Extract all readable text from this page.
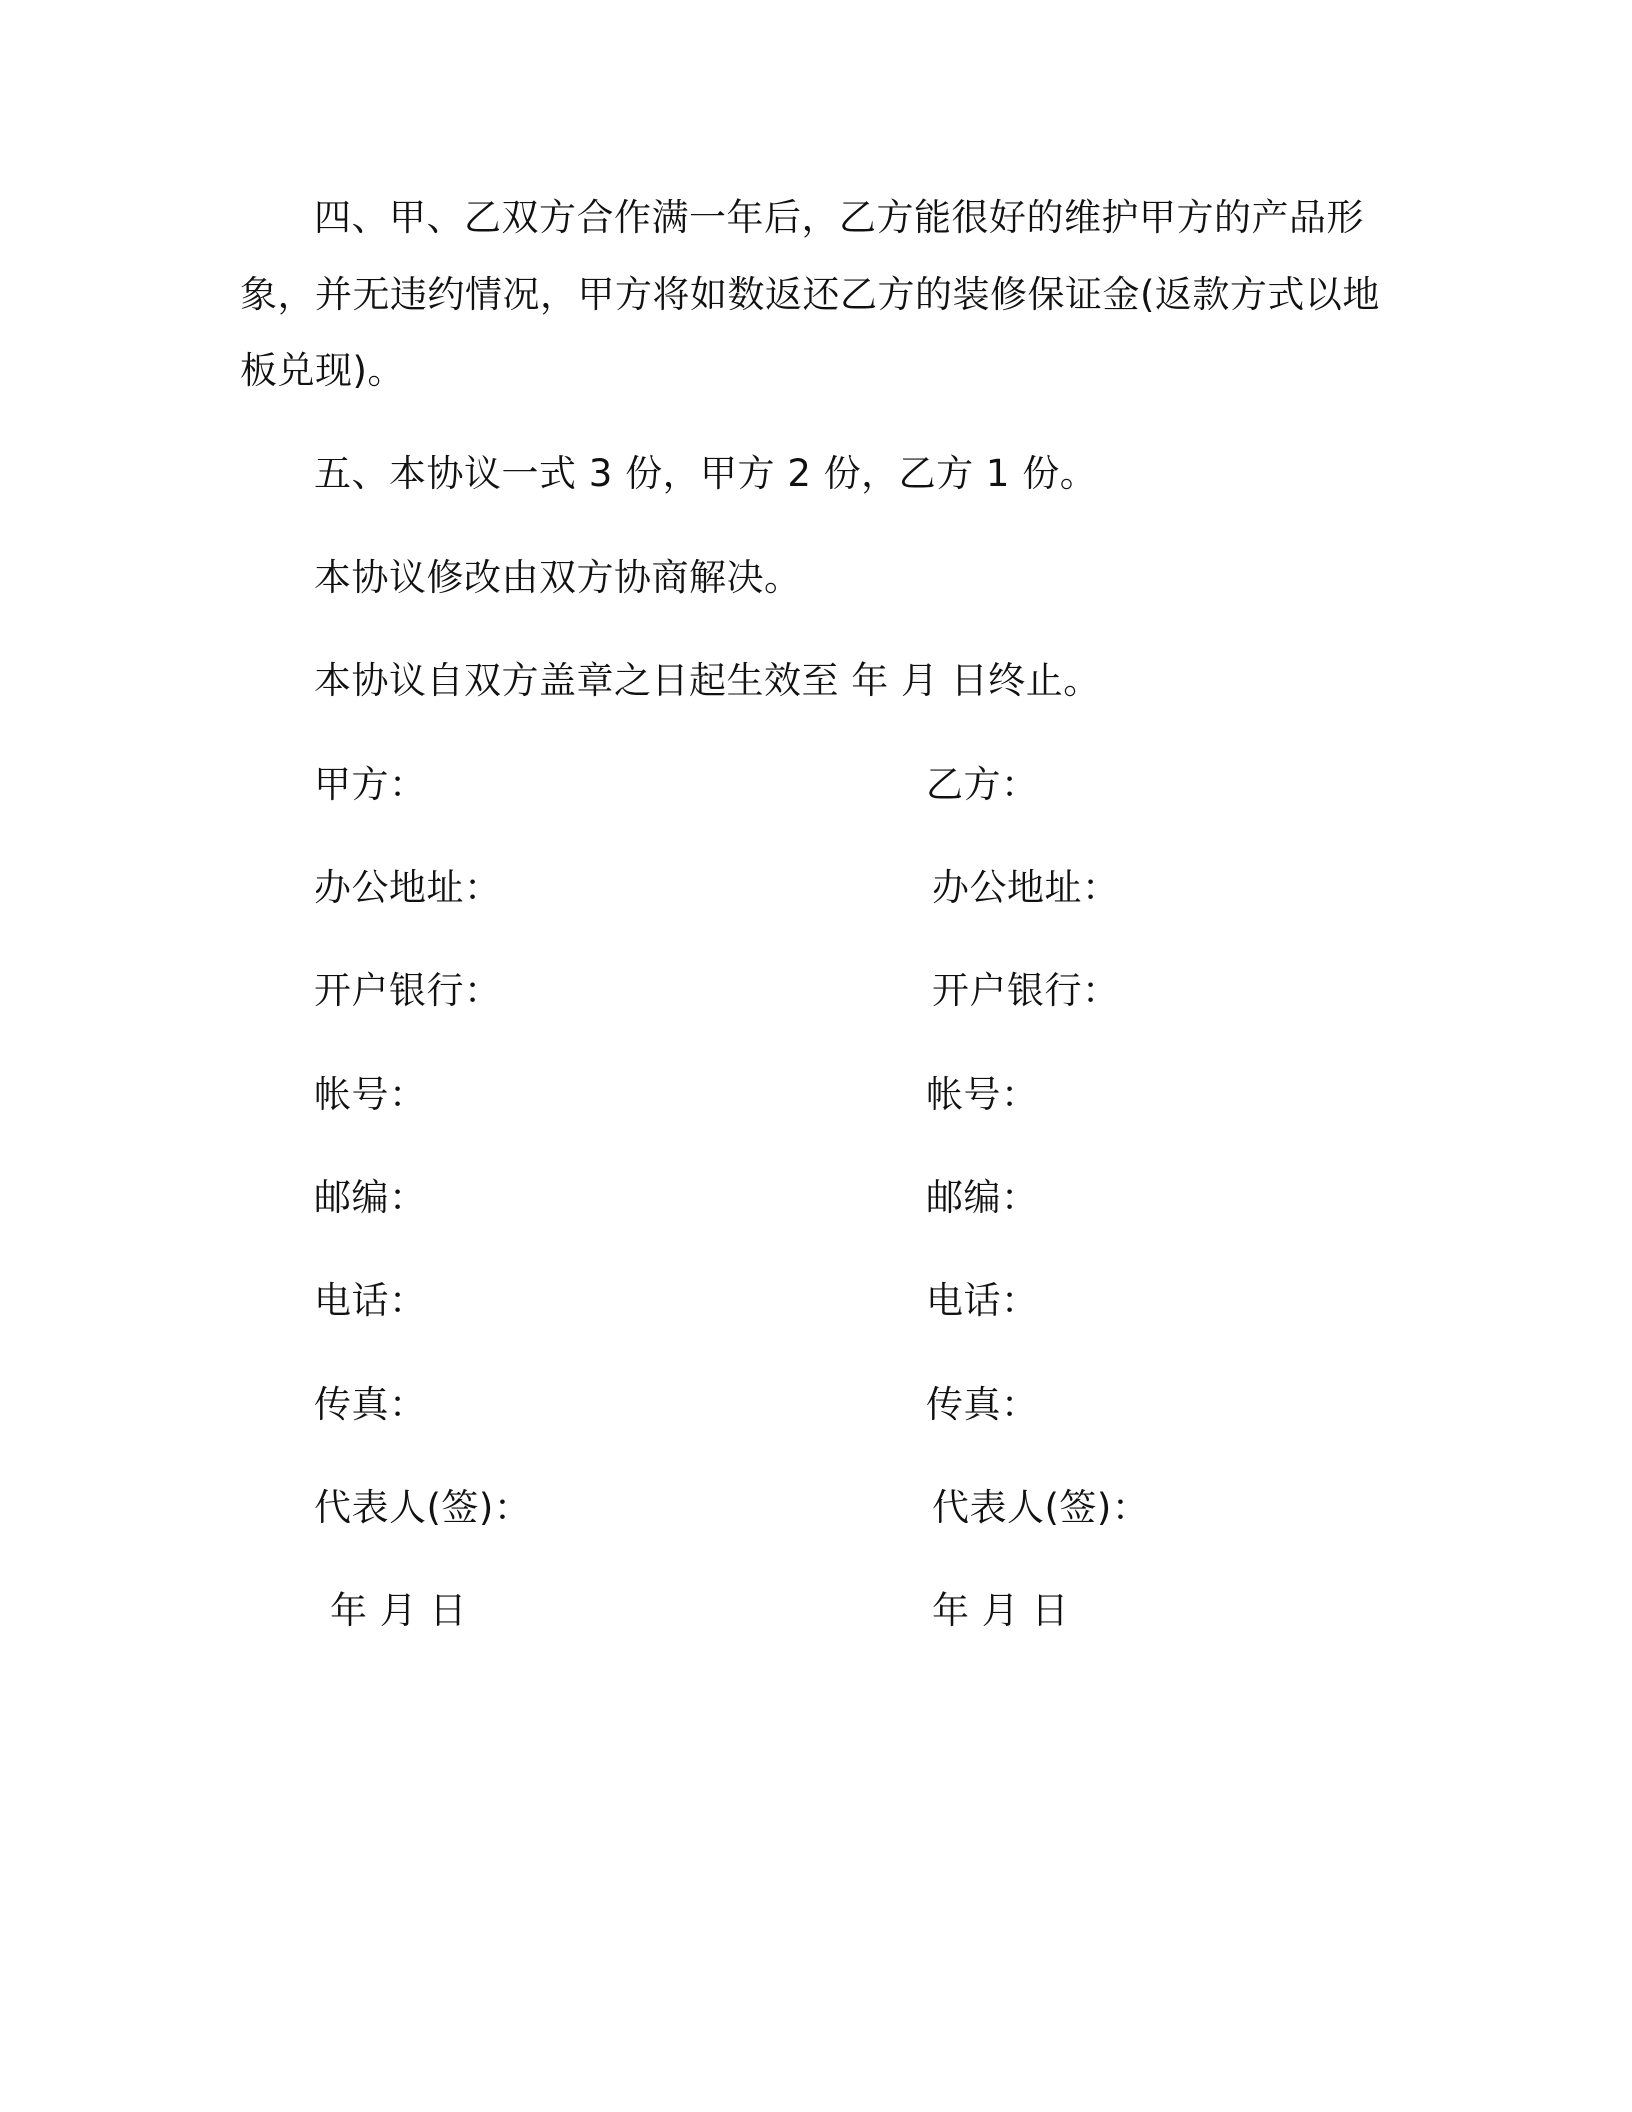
四、甲、乙双方合作满一年后，乙方能很好的维护甲方的产品形
象，并无违约情况，甲方将如数返还乙方的装修保证金(返款方式以地
板兑现)。
五、本协议一式 3 份，甲方 2 份，乙方 1 份。
本协议修改由双方协商解决。
本协议自双方盖章之日起生效至 年 月 日终止。
甲方：
办公地址：
开户银行：
帐号：
邮编：
电话：
传真：
代表人(签)：
年 月 日
乙方：
办公地址：
开户银行：
帐号：
邮编：
电话：
传真：
代表人(签)：
年 月 日
